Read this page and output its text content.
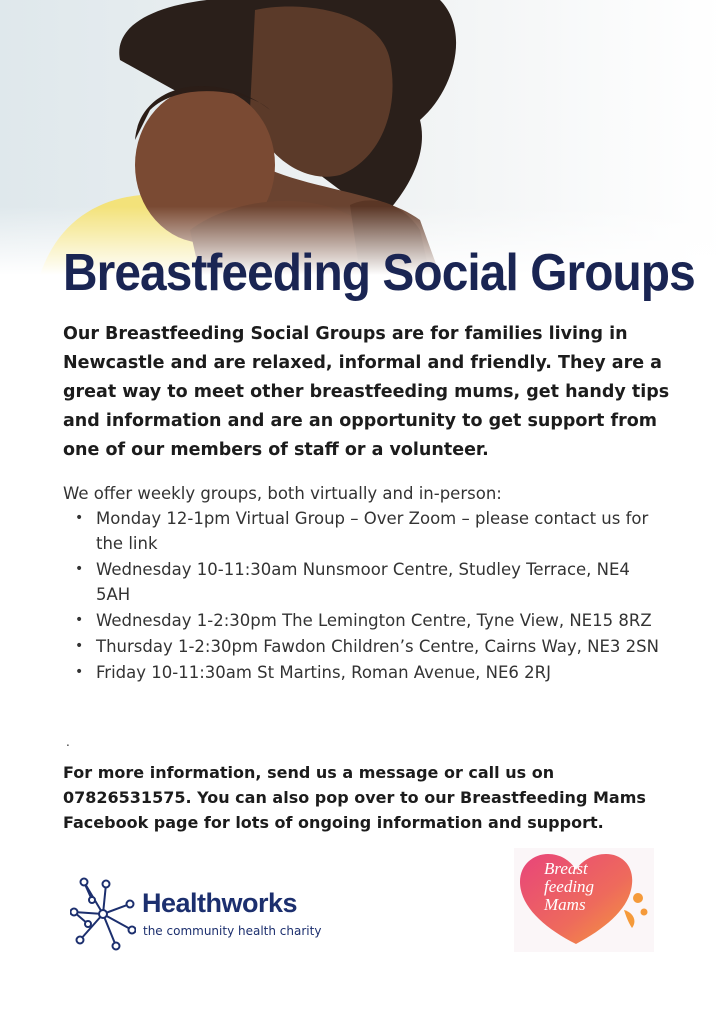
Breastfeeding Social Groups

Our Breastfeeding Social Groups are for families living in Newcastle and are relaxed, informal and friendly. They are a great way to meet other breastfeeding mums, get handy tips and information and are an opportunity to get support from one of our members of staff or a volunteer.

We offer weekly groups, both virtually and in-person:

• Monday 12-1pm Virtual Group – Over Zoom – please contact us for the link
• Wednesday 10-11:30am Nunsmoor Centre, Studley Terrace, NE4 5AH
• Wednesday 1-2:30pm The Lemington Centre, Tyne View, NE15 8RZ
• Thursday 1-2:30pm Fawdon Children’s Centre, Cairns Way, NE3 2SN
• Friday 10-11:30am St Martins, Roman Avenue, NE6 2RJ
.

For more information, send us a message or call us on 07826531575. You can also pop over to our Breastfeeding Mams Facebook page for lots of ongoing information and support.

Healthworks
the community health charity
Breast feeding Mams
